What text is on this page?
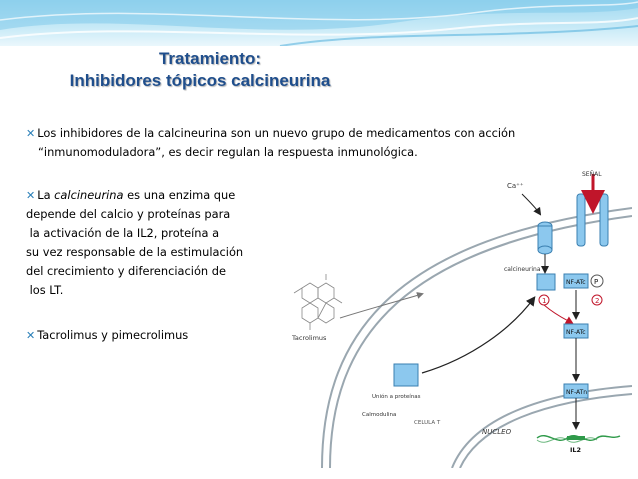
Tratamiento:
Inhibidores tópicos calcineurina
✕ Los inhibidores de la calcineurina son un nuevo grupo de medicamentos con acción
“inmunomoduladora”, es decir regulan la respuesta inmunológica.
✕ La calcineurina es una enzima que
depende del calcio y proteínas para
la activación de la IL2, proteína a
su vez responsable de la estimulación
del crecimiento y diferenciación de
los LT.
✕ Tacrolimus y pimecrolimus
SEÑAL
Ca⁺⁺
calcineurina
NF-ATc P
1	2
NF-ATc
Tacrolimus
Unión a proteínas
Calmodulina
CELULA T
NUCLEO
NF-ATn
IL2
